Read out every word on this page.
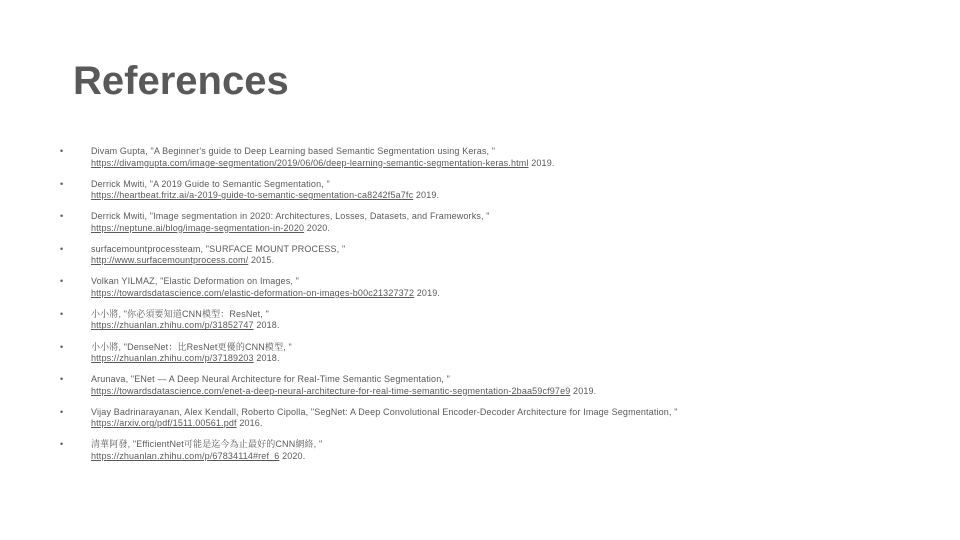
References
•	Divam Gupta, "A Beginner's guide to Deep Learning based Semantic Segmentation using Keras, "
https://divamgupta.com/image-segmentation/2019/06/06/deep-learning-semantic-segmentation-keras.html 2019.
•	Derrick Mwiti, "A 2019 Guide to Semantic Segmentation, "
https://heartbeat.fritz.ai/a-2019-guide-to-semantic-segmentation-ca8242f5a7fc 2019.
•	Derrick Mwiti, "Image segmentation in 2020: Architectures, Losses, Datasets, and Frameworks, "
https://neptune.ai/blog/image-segmentation-in-2020 2020.
•	surfacemountprocessteam, "SURFACE MOUNT PROCESS, "
http://www.surfacemountprocess.com/ 2015.
•	Volkan YILMAZ, "Elastic Deformation on Images, "
https://towardsdatascience.com/elastic-deformation-on-images-b00c21327372 2019.
•	小小將, "你必須要知道CNN模型：ResNet, "
https://zhuanlan.zhihu.com/p/31852747 2018.
•	小小將, "DenseNet：比ResNet更優的CNN模型, "
https://zhuanlan.zhihu.com/p/37189203 2018.
•	Arunava, "ENet — A Deep Neural Architecture for Real-Time Semantic Segmentation, "
https://towardsdatascience.com/enet-a-deep-neural-architecture-for-real-time-semantic-segmentation-2baa59cf97e9 2019.
•	Vijay Badrinarayanan, Alex Kendall, Roberto Cipolla, "SegNet: A Deep Convolutional Encoder-Decoder Architecture for Image Segmentation, "
https://arxiv.org/pdf/1511.00561.pdf 2016.
•	清華阿發, "EfficientNet可能是迄今為止最好的CNN網絡, "
https://zhuanlan.zhihu.com/p/67834114#ref_6 2020.
